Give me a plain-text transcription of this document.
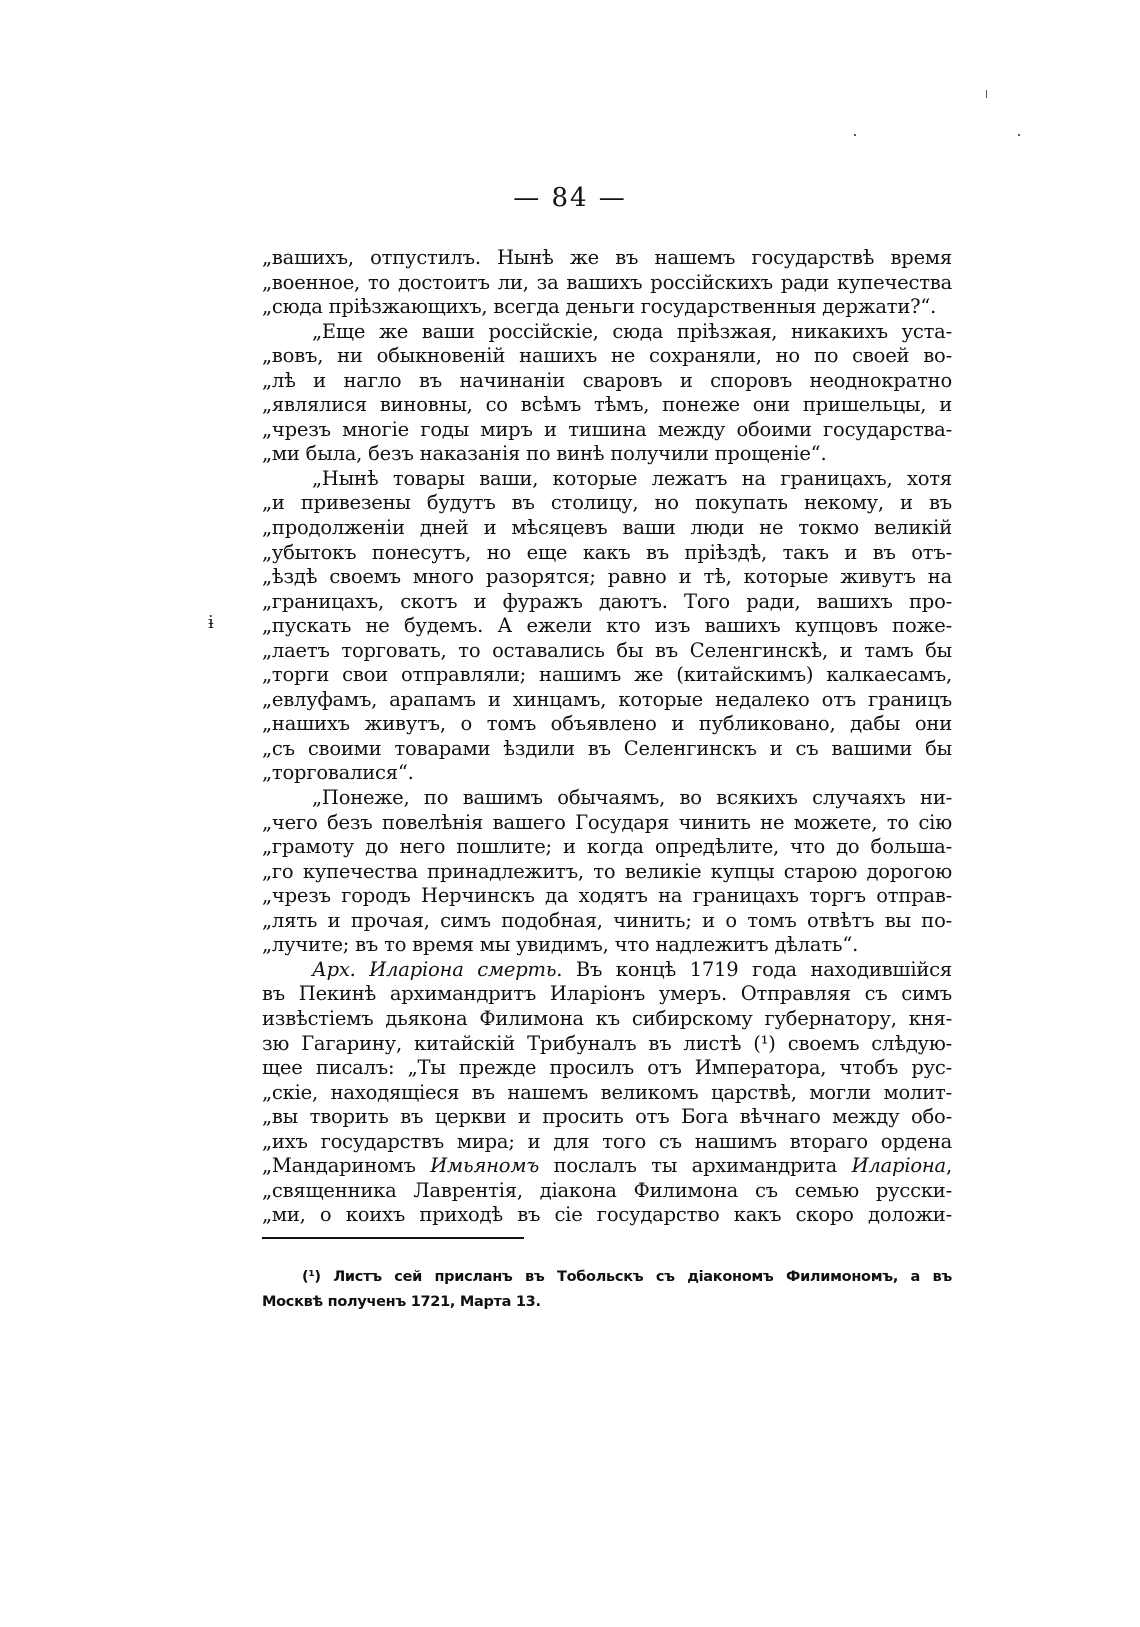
— 84 —
ɨ
„вашихъ, отпустилъ. Нынѣ же въ нашемъ государствѣ время
„военное, то достоитъ ли, за вашихъ россійскихъ ради купечества
„сюда пріѣзжающихъ, всегда деньги государственныя держати?“.
„Еще же ваши россійскіе, сюда пріѣзжая, никакихъ уста-
„вовъ, ни обыкновеній нашихъ не сохраняли, но по своей во-
„лѣ и нагло въ начинаніи сваровъ и споровъ неоднократно
„являлися виновны, со всѣмъ тѣмъ, понеже они пришельцы, и
„чрезъ многіе годы миръ и тишина между обоими государства-
„ми была, безъ наказанія по винѣ получили прощеніе“.
„Нынѣ товары ваши, которые лежатъ на границахъ, хотя
„и привезены будутъ въ столицу, но покупать некому, и въ
„продолженіи дней и мѣсяцевъ ваши люди не токмо великій
„убытокъ понесутъ, но еще какъ въ пріѣздѣ, такъ и въ отъ-
„ѣздѣ своемъ много разорятся; равно и тѣ, которые живутъ на
„границахъ, скотъ и фуражъ даютъ. Того ради, вашихъ про-
„пускать не будемъ. А ежели кто изъ вашихъ купцовъ поже-
„лаетъ торговать, то оставались бы въ Селенгинскѣ, и тамъ бы
„торги свои отправляли; нашимъ же (китайскимъ) калкаесамъ,
„евлуфамъ, арапамъ и хинцамъ, которые недалеко отъ границъ
„нашихъ живутъ, о томъ объявлено и публиковано, дабы они
„съ своими товарами ѣздили въ Селенгинскъ и съ вашими бы
„торговалися“.
„Понеже, по вашимъ обычаямъ, во всякихъ случаяхъ ни-
„чего безъ повелѣнія вашего Государя чинить не можете, то сію
„грамоту до него пошлите; и когда опредѣлите, что до больша-
„го купечества принадлежитъ, то великіе купцы старою дорогою
„чрезъ городъ Нерчинскъ да ходятъ на границахъ торгъ отправ-
„лять и прочая, симъ подобная, чинить; и о томъ отвѣтъ вы по-
„лучите; въ то время мы увидимъ, что надлежитъ дѣлать“.
Арх. Иларіона смерть. Въ концѣ 1719 года находившійся
въ Пекинѣ архимандритъ Иларіонъ умеръ. Отправляя съ симъ
извѣстіемъ дьякона Филимона къ сибирскому губернатору, кня-
зю Гагарину, китайскій Трибуналъ въ листѣ (¹) своемъ слѣдую-
щее писалъ: „Ты прежде просилъ отъ Императора, чтобъ рус-
„скіе, находящіеся въ нашемъ великомъ царствѣ, могли молит-
„вы творить въ церкви и просить отъ Бога вѣчнаго между обо-
„ихъ государствъ мира; и для того съ нашимъ втораго ордена
„Мандариномъ Имьяномъ послалъ ты архимандрита Иларіона,
„священника Лаврентія, діакона Филимона съ семью русски-
„ми, о коихъ приходѣ въ сіе государство какъ скоро доложи-
(¹) Листъ сей присланъ въ Тобольскъ съ діакономъ Филимономъ, а въ
Москвѣ полученъ 1721, Марта 13.
